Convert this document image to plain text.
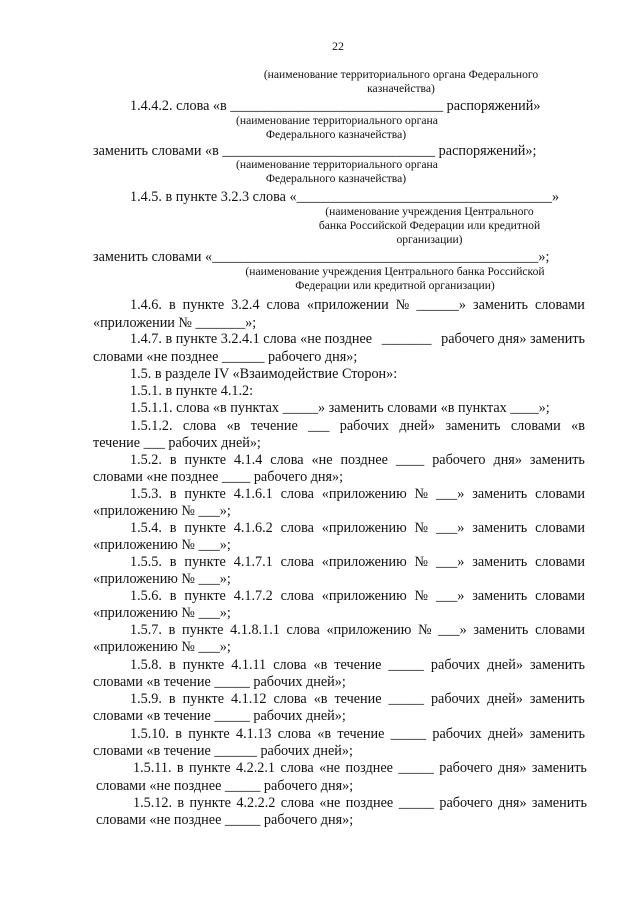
22
(наименование территориального органа Федерального
казначейства)
1.4.4.2. слова «в ______________________________ распоряжений»
(наименование территориального органа
Федерального казначейства)
заменить словами «в ______________________________ распоряжений»;
(наименование территориального органа
Федерального казначейства)
1.4.5. в пункте 3.2.3 слова «____________________________________»
(наименование учреждения Центрального
банка Российской Федерации или кредитной
организации)
заменить словами «______________________________________________»;
(наименование учреждения Центрального банка Российской
Федерации или кредитной организации)
1.4.6. в пункте 3.2.4 слова «приложении № ______» заменить словами
«приложении № _______»;
1.4.7. в пункте 3.2.4.1 слова «не позднее _______ рабочего дня» заменить
словами «не позднее ______ рабочего дня»;
1.5. в разделе IV «Взаимодействие Сторон»:
1.5.1. в пункте 4.1.2:
1.5.1.1. слова «в пунктах _____» заменить словами «в пунктах ____»;
1.5.1.2. слова «в течение ___ рабочих дней» заменить словами «в
течение ___ рабочих дней»;
1.5.2. в пункте 4.1.4 слова «не позднее ____ рабочего дня» заменить
словами «не позднее ____ рабочего дня»;
1.5.3. в пункте 4.1.6.1 слова «приложению № ___» заменить словами
«приложению № ___»;
1.5.4. в пункте 4.1.6.2 слова «приложению № ___» заменить словами
«приложению № ___»;
1.5.5. в пункте 4.1.7.1 слова «приложению № ___» заменить словами
«приложению № ___»;
1.5.6. в пункте 4.1.7.2 слова «приложению № ___» заменить словами
«приложению № ___»;
1.5.7. в пункте 4.1.8.1.1 слова «приложению № ___» заменить словами
«приложению № ___»;
1.5.8. в пункте 4.1.11 слова «в течение _____ рабочих дней» заменить
словами «в течение _____ рабочих дней»;
1.5.9. в пункте 4.1.12 слова «в течение _____ рабочих дней» заменить
словами «в течение _____ рабочих дней»;
1.5.10. в пункте 4.1.13 слова «в течение _____ рабочих дней» заменить
словами «в течение ______ рабочих дней»;
1.5.11. в пункте 4.2.2.1 слова «не позднее _____ рабочего дня» заменить
словами «не позднее _____ рабочего дня»;
1.5.12. в пункте 4.2.2.2 слова «не позднее _____ рабочего дня» заменить
словами «не позднее _____ рабочего дня»;
